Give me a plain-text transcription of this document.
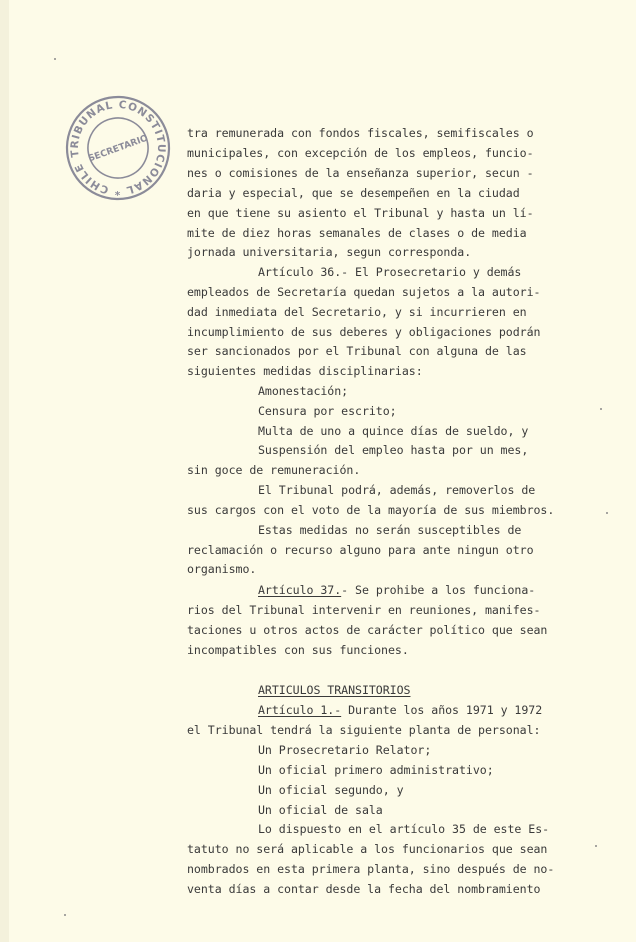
TRIBUNAL CONSTITUCIONAL * CHILE
SECRETARIO
tra remunerada con fondos fiscales, semifiscales o
municipales, con excepción de los empleos, funcio-
nes o comisiones de la enseñanza superior, secun -
daria y especial, que se desempeñen en la ciudad
en que tiene su asiento el Tribunal y hasta un lí-
mite de diez horas semanales de clases o de media
jornada universitaria, segun corresponda.
Artículo 36.- El Prosecretario y demás
empleados de Secretaría quedan sujetos a la autori-
dad inmediata del Secretario, y si incurrieren en
incumplimiento de sus deberes y obligaciones podrán
ser sancionados por el Tribunal con alguna de las
siguientes medidas disciplinarias:
Amonestación;
Censura por escrito;
Multa de uno a quince días de sueldo, y
Suspensión del empleo hasta por un mes,
sin goce de remuneración.
El Tribunal podrá, además, removerlos de
sus cargos con el voto de la mayoría de sus miembros.
Estas medidas no serán susceptibles de
reclamación o recurso alguno para ante ningun otro
organismo.
Artículo 37.- Se prohibe a los funciona-
rios del Tribunal intervenir en reuniones, manifes-
taciones u otros actos de carácter político que sean
incompatibles con sus funciones.
ARTICULOS TRANSITORIOS
Artículo 1.- Durante los años 1971 y 1972
el Tribunal tendrá la siguiente planta de personal:
Un Prosecretario Relator;
Un oficial primero administrativo;
Un oficial segundo, y
Un oficial de sala
Lo dispuesto en el artículo 35 de este Es-
tatuto no será aplicable a los funcionarios que sean
nombrados en esta primera planta, sino después de no-
venta días a contar desde la fecha del nombramiento
